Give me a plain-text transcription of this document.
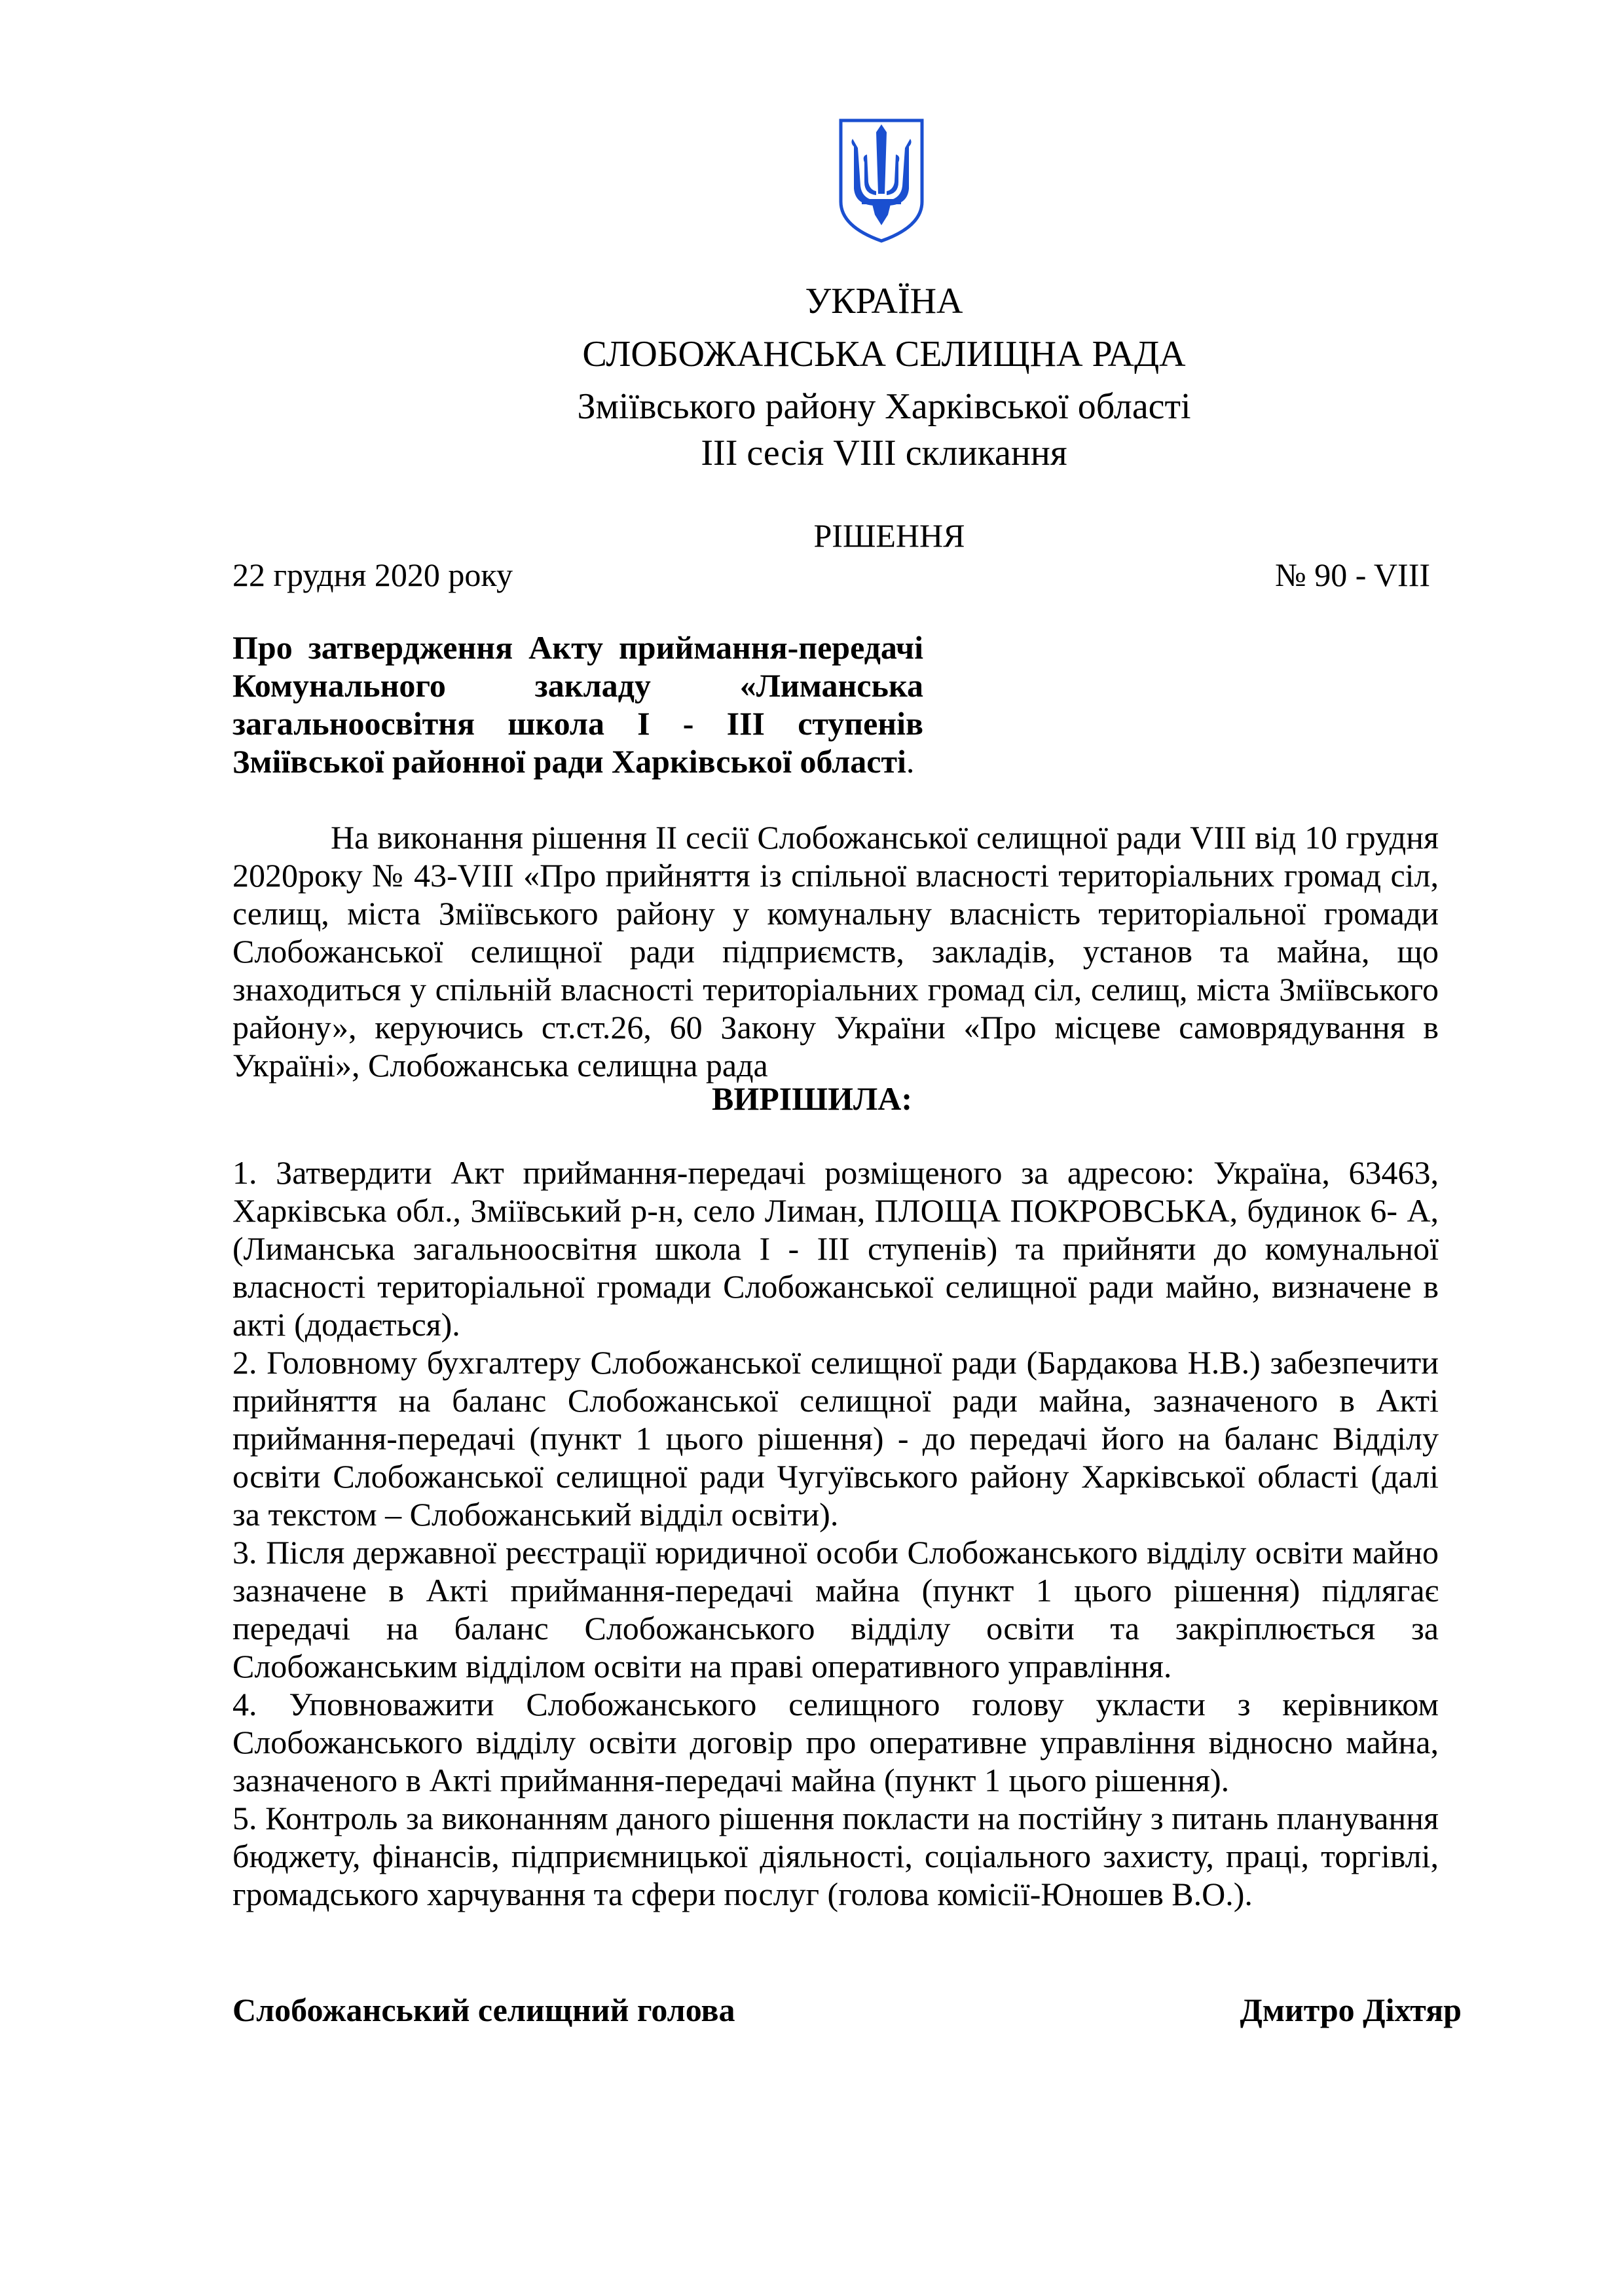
УКРАЇНА
СЛОБОЖАНСЬКА СЕЛИЩНА РАДА
Зміївського району Харківської області
ІІІ сесія VIІI скликання
РІШЕННЯ
22 грудня 2020 року	№ 90 - VIІI
Про затвердження Акту приймання-передачі Комунального закладу «Лиманська загальноосвітня школа І - ІІІ ступенів Зміївської районної ради Харківської області.
На виконання рішення ІІ сесії Слобожанської селищної ради VIІI від 10 грудня 2020року № 43-VIII «Про прийняття із спільної власності територіальних громад сіл, селищ, міста Зміївського району у комунальну власність територіальної громади Слобожанської селищної ради підприємств, закладів, установ та майна, що знаходиться у спільній власності територіальних громад сіл, селищ, міста Зміївського району», керуючись ст.ст.26, 60 Закону України «Про місцеве самоврядування в Україні», Слобожанська селищна рада
ВИРІШИЛА:

1. Затвердити Акт приймання-передачі розміщеного за адресою: Україна, 63463, Харківська обл., Зміївський р-н, село Лиман, ПЛОЩА ПОКРОВСЬКА, будинок 6- А, (Лиманська загальноосвітня школа І - ІІІ ступенів) та прийняти до комунальної власності територіальної громади Слобожанської селищної ради майно, визначене в акті (додається).

2. Головному бухгалтеру Слобожанської селищної ради (Бардакова Н.В.) забезпечити прийняття на баланс Слобожанської селищної ради майна, зазначеного в Акті приймання-передачі (пункт 1 цього рішення) - до передачі його на баланс Відділу освіти Слобожанської селищної ради Чугуївського району Харківської області (далі за текстом – Слобожанський відділ освіти).

3. Після державної реєстрації юридичної особи Слобожанського відділу освіти майно зазначене в Акті приймання-передачі майна (пункт 1 цього рішення) підлягає передачі на баланс Слобожанського відділу освіти та закріплюється за Слобожанським відділом освіти на праві оперативного управління.

4. Уповноважити Слобожанського селищного голову укласти з керівником Слобожанського відділу освіти договір про оперативне управління відносно майна, зазначеного в Акті приймання-передачі майна (пункт 1 цього рішення).

5. Контроль за виконанням даного рішення покласти на постійну з питань планування бюджету, фінансів, підприємницької діяльності, соціального захисту, праці, торгівлі, громадського харчування та сфери послуг (голова комісії-Юношев В.О.).

Слобожанський селищний голова	Дмитро Діхтяр
